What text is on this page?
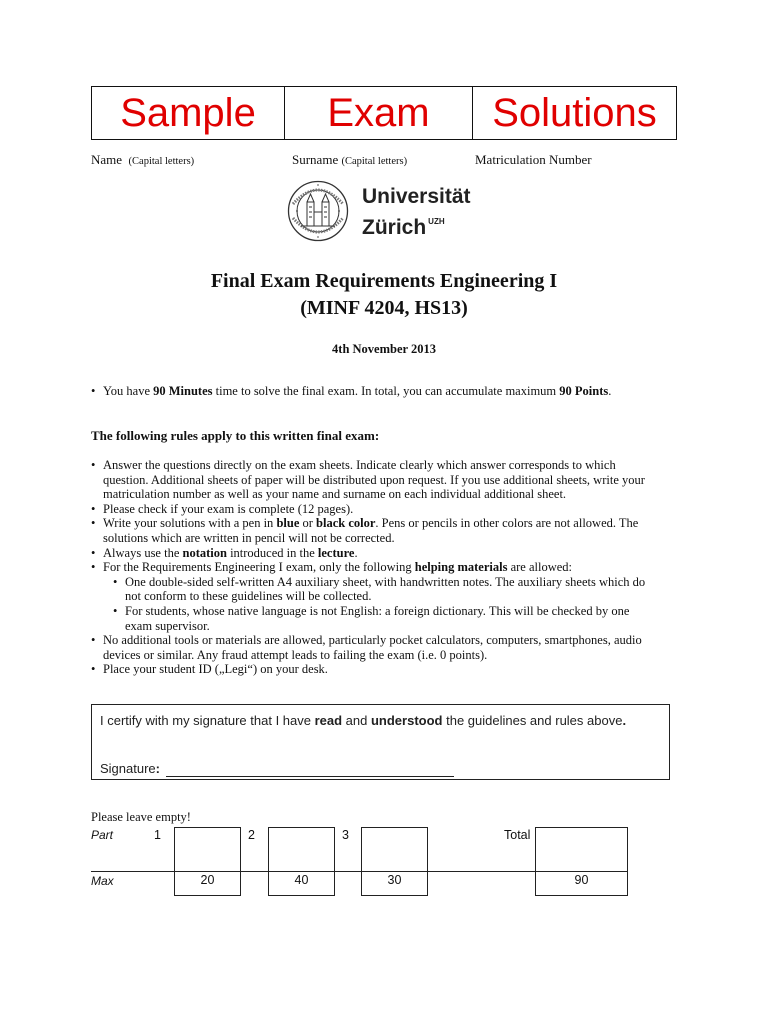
Sample	Exam	Solutions
Name (Capital letters)	Surname (Capital letters)	Matriculation Number
Universität
Zürich $^{UZH}$
Final Exam Requirements Engineering I
(MINF 4204, HS13)
4th November 2013
• You have 90 Minutes time to solve the final exam. In total, you can accumulate maximum 90 Points.
The following rules apply to this written final exam:
• Answer the questions directly on the exam sheets. Indicate clearly which answer corresponds to which question. Additional sheets of paper will be distributed upon request. If you use additional sheets, write your matriculation number as well as your name and surname on each individual additional sheet.
• Please check if your exam is complete (12 pages).
• Write your solutions with a pen in blue or black color. Pens or pencils in other colors are not allowed. The solutions which are written in pencil will not be corrected.
• Always use the notation introduced in the lecture.
• For the Requirements Engineering I exam, only the following helping materials are allowed:
• One double-sided self-written A4 auxiliary sheet, with handwritten notes. The auxiliary sheets which do not conform to these guidelines will be collected.
• For students, whose native language is not English: a foreign dictionary. This will be checked by one exam supervisor.
• No additional tools or materials are allowed, particularly pocket calculators, computers, smartphones, audio devices or similar. Any fraud attempt leads to failing the exam (i.e. 0 points).
• Place your student ID („Legi“) on your desk.
I certify with my signature that I have read and understood the guidelines and rules above.
Signature:
Please leave empty!
Part	1	2	3	Total
Max	20	40	30	90
